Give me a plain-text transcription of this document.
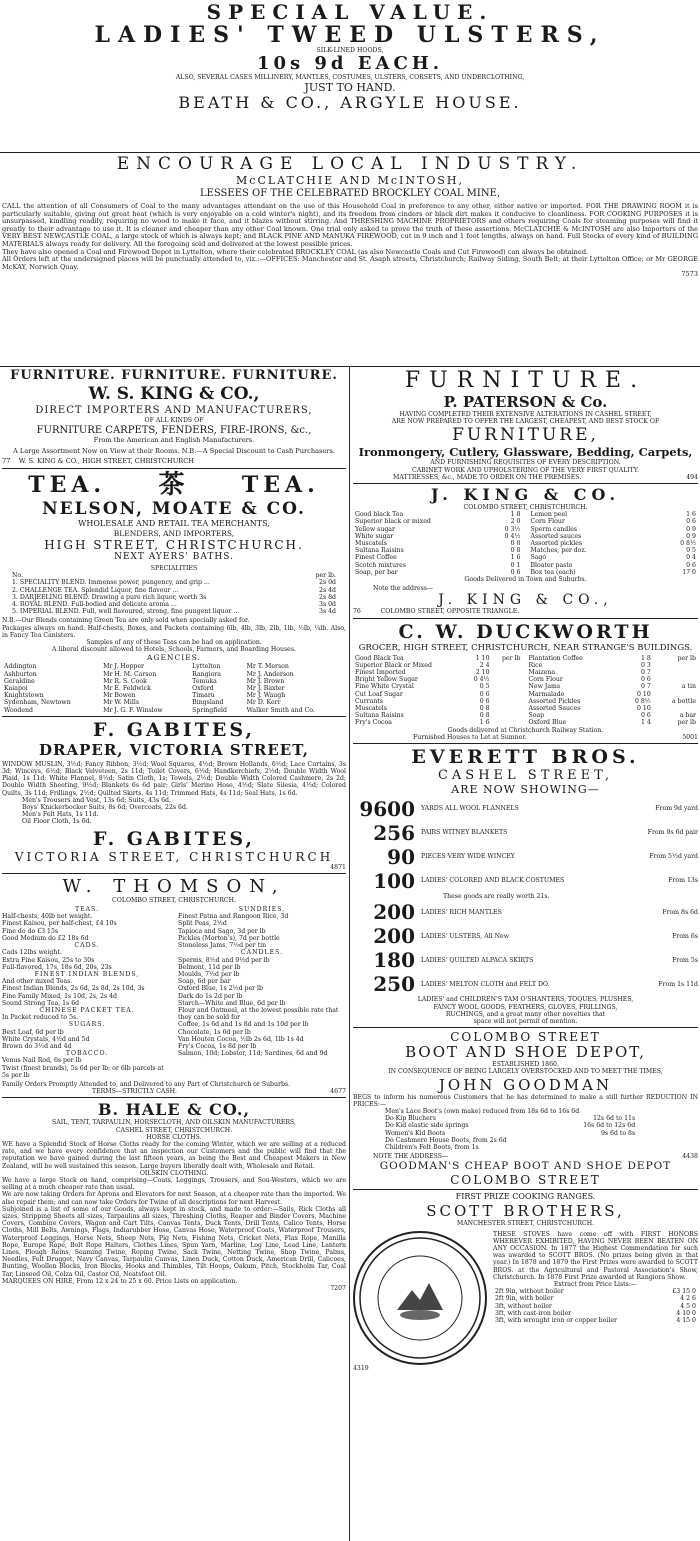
SPECIAL VALUE.
LADIES' TWEED ULSTERS,
SILK-LINED HOODS,
10s 9d EACH.
ALSO, SEVERAL CASES MILLINERY, MANTLES, COSTUMES, ULSTERS, CORSETS, AND UNDERCLOTHING,
JUST TO HAND.
BEATH & CO., ARGYLE HOUSE.
ENCOURAGE LOCAL INDUSTRY.
McCLATCHIE AND McINTOSH,
LESSEES OF THE CELEBRATED BROCKLEY COAL MINE,
CALL the attention of all Consumers of Coal to the many advantages attendant on the use of this Household Coal in preference to any other, either native or imported. FOR THE DRAWING ROOM it is particularly suitable, giving out great heat (which is very enjoyable on a cold winter's night), and its freedom from cinders or black dirt makes it conducive to cleanliness. FOR COOKING PURPOSES it is unsurpassed, kindling readily, requiring no wood to make it face, and it blazes without stirring. And THRESHING MACHINE PROPRIETORS and others requiring Coals for steaming purposes will find it greatly to their advantage to use it. It is cleaner and cheaper than any other Coal known. One trial only asked to prove the truth of these assertions. McCLATCHIE & McINTOSH are also Importers of the VERY BEST NEWCASTLE COAL, a large stock of which is always kept; and BLACK PINE AND MANUKA FIREWOOD, cut in 9 inch and 1 foot lengths, always on hand. Full Stocks of every kind of BUILDING MATERIALS always ready for delivery. All the foregoing sold and delivered at the lowest possible prices.
They have also opened a Coal and Firewood Depot in Lyttelton, where their celebrated BROCKLEY COAL (as also Newcastle Coals and Cut Firewood) can always be obtained.
All Orders left at the undersigned places will be punctually attended to, viz.:—OFFICES: Manchester and St. Asaph streets, Christchurch; Railway Siding, South Belt; at their Lyttelton Office; or Mr GEORGE McKAY, Norwich Quay.
7573
FURNITURE. FURNITURE. FURNITURE.
W. S. KING & CO.,
DIRECT IMPORTERS AND MANUFACTURERS,
OF ALL KINDS OF
FURNITURE CARPETS, FENDERS, FIRE-IRONS, &c.,
From the American and English Manufacturers.
A Large Assortment Now on View at their Rooms. N.B.—A Special Discount to Cash Purchasers.
77 W. S. KING & CO., HIGH STREET, CHRISTCHURCH
TEA. 茶 TEA.
NELSON, MOATE & CO.
WHOLESALE AND RETAIL TEA MERCHANTS,
BLENDERS, AND IMPORTERS,
HIGH STREET, CHRISTCHURCH.
NEXT AYERS' BATHS.
SPECIALITIES
No.	per lb.
1. SPECIALITY BLEND. Immense power, pungency, and grip ...	2s 0d
2. CHALLENGE TEA. Splendid Liquor, fine flavour ...	2s 4d
3. DARJEELING BLEND. Drawing a pure rich liquor, worth 3s	2s 8d
4. ROYAL BLEND. Full-bodied and delicate aroma ...	3s 0d
5. IMPERIAL BLEND. Full, well flavoured, strong, fine pungent liquor ...	3s 4d
N.B.—Our Blends containing Green Tea are only sold when specially asked for.
Packages always on hand. Half-chests, Boxes, and Packets containing 6lb, 4lb, 3lb, 2lb, 1lb, ½lb, ¼lb. Also, in Fancy Tea Canisters.
Samples of any of these Teas can be had on application.
A liberal discount allowed to Hotels, Schools, Farmers, and Boarding Houses.
AGENCIES.
Addington	Mr J. Hopper	Lyttelton	Mr T. Merson
Ashburton	Mr H. M. Carson	Rangiora	Mr J. Anderson
Geraldine	Mr R. S. Cook	Temuka	Mr J. Brown
Kaiapoi	Mr E. Feldwick	Oxford	Mr J. Baxter
Knightstown	Mr Bowen	Timaru	Mr J. Waugh
Sydenham, Newtown	Mr W. Mills	Bingsland	Mr D. Kerr
Woodend	Mr J. G. F. Winslow	Springfield	Walker Smith and Co.
F. GABITES,
DRAPER, VICTORIA STREET,
WINDOW MUSLIN, 3½d; Fancy Ribbon, 3½d; Wool Squares, 4½d; Brown Hollands, 6½d; Lace Curtains, 3s 3d; Winceys, 6½d; Black Velveteen, 2s 11d; Toilet Covers, 6½d; Handkerchiefs, 2½d; Double Width Wool Plaid, 1s 11d; White Flannel, 8½d; Satin Cloth, 1s; Towels, 2½d; Double Width Colored Cashmere, 2s 2d; Double Width Sheeting, 9½d; Blankets 6s 6d pair; Girls' Merino Hose, 4½d; Slate Silesia, 4½d; Colored Quilts, 3s 11d; Frillings, 2½d; Quilted Skirts, 4s 11d; Trimmed Hats, 4s 11d; Seal Hats, 1s 6d.
Men's Trousers and Vest, 13s 6d; Suits, 43s 6d.
Boys' Knickerbocker Suits, 8s 6d; Overcoats, 22s 6d.
Men's Felt Hats, 1s 11d.
Oil Floor Cloth, 1s 6d.
F. GABITES,
VICTORIA STREET, CHRISTCHURCH
4871
W. THOMSON,
COLOMBO STREET, CHRISTCHURCH.
TEAS.
Half-chests, 40lb net weight.
Finest Kaisou, per half-chest, £4 10s
Fine do do £3 15s
Good Medium do £2 18s 6d
CADS.
Cads 12lbs weight.
Extra Fine Kaisou, 25s to 30s
Full-flavored, 17s, 18s 6d, 20s, 23s
FINEST INDIAN BLENDS,
And other mixed Teas.
Finest Indian Blends, 2s 6d, 2s 8d, 2s 10d, 3s
Fine Family Mixed, 1s 10d, 2s, 2s 4d
Sound Strong Tea, 1s 6d
CHINESE PACKET TEA.
In Packet reduced to 5s.
SUGARS.
Best Loaf, 6d per lb
White Crystals, 4½d and 5d
Brown do 3½d and 4d
TOBACCO.
Venus Nail Rod, 6s per lb
Twist (finest brands), 5s 6d per lb; or 6lb parcels at 5s per lb
SUNDRIES.
Finest Patna and Rangoon Rice, 3d
Split Peas, 2½d
Tapioca and Sago, 3d per lb
Pickles (Morton's), 7d per bottle
Stoneless Jams, 7½d per tin
CANDLES.
Sperms, 8½d and 9½d per lb
Belmont, 11d per lb
Moulds, 7½d per lb
Soap, 6d per bar
Oxford Blue, 1s 2½d per lb
Dark do 1s 2d per lb
Starch—White and Blue, 6d per lb
Flour and Oatmeal, at the lowest possible rate that they can be sold for
Coffee, 1s 6d and 1s 8d and 1s 10d per lb
Chocolate, 1s 6d per lb
Van Houten Cocoa, ½lb 2s 6d, 1lb 1s 4d
Fry's Cocoa, 1s 8d per lb
Salmon, 10d; Lobster, 11d; Sardines, 6d and 9d
Family Orders Promptly Attended to, and Delivered to any Part of Christchurch or Suburbs.
TERMS—STRICTLY CASH.	4677
B. HALE & CO.,
SAIL, TENT, TARPAULIN, HORSECLOTH, AND OILSKIN MANUFACTURERS,
CASHEL STREET, CHRISTCHURCH.
HORSE CLOTHS.
WE have a Splendid Stock of Horse Cloths ready for the coming Winter, which we are selling at a reduced rate, and we have every confidence that an inspection our Customers and the public will find that the reputation we have gained during the last fifteen years, as being the Best and Cheapest Makers in New Zealand, will be well sustained this season. Large buyers liberally dealt with, Wholesale and Retail.
OILSKIN CLOTHING.
We have a large Stock on hand, comprising—Coats, Leggings, Trousers, and Sou-Westers, which we are selling at a much cheaper rate than usual.
We are now taking Orders for Aprons and Elevators for next Season, at a cheaper rate than the imported. We also repair them; and can now take Orders for Twine of all descriptions for next Harvest.
Subjoined is a list of some of our Goods, always kept in stock, and made to order:—Sails, Rick Cloths all sizes, Stripping Sheets all sizes, Tarpaulins all sizes, Threshing Cloths, Reaper and Binder Covers, Machine Covers, Combine Covers, Wagon and Cart Tilts, Canvas Tents, Duck Tents, Drill Tents, Calico Tents, Horse Cloths, Mill Belts, Awnings, Flags, Indiarubber Hose, Canvas Hose, Waterproof Coats, Waterproof Trousers, Waterproof Leggings, Horse Nets, Sheep Nets, Pig Nets, Fishing Nets, Cricket Nets, Flax Rope, Manilla Rope, Europe Rope, Bolt Rope Halters, Clothes Lines, Spun Yarn, Marline, Log Line, Lead Line, Lantern Lines, Plough Reins, Seaming Twine, Roping Twine, Sack Twine, Netting Twine, Shop Twine, Palms, Needles, Felt Drugget, Navy Canvas, Tarpaulin Canvas, Linen Duck, Cotton Duck, American Drill, Calicoes, Bunting, Woollen Blocks, Iron Blocks, Hooks and Thimbles, Tilt Hoops, Oakum, Pitch, Stockholm Tar, Coal Tar, Linseed Oil, Colza Oil, Castor Oil, Neatsfoot Oil.
MARQUEES ON HIRE, From 12 x 24 to 25 x 60. Price Lists on application.
7207
FURNITURE.
P. PATERSON & Co.
HAVING COMPLETED THEIR EXTENSIVE ALTERATIONS IN CASHEL STREET,
ARE NOW PREPARED TO OFFER THE LARGEST, CHEAPEST, AND BEST STOCK OF
FURNITURE,
Ironmongery, Cutlery, Glassware, Bedding, Carpets,
AND FURNISHING REQUISITES OF EVERY DESCRIPTION.
CABINET WORK AND UPHOLSTERING OF THE VERY FIRST QUALITY.
MATTRESSES, &c., MADE TO ORDER ON THE PREMISES.	494
J. KING & CO.
COLOMBO STREET, CHRISTCHURCH.
Good black Tea	1 8
Superior black or mixed	2 0
Yellow sugar	0 3½
White sugar	0 4½
Muscatels	0 8
Sultana Raisins	0 8
Finest Coffee	1 6
Scotch mixtures	0 1
Soap, per bar	0 6
Lemon peel	1 6
Corn Flour	0 6
Sperm candles	0 9
Assorted sauces	0 9
Assorted pickles	0 8½
Matches, per doz.	0 5
Sago	0 4
Bloater paste	0 6
Box tea (each)	17 0
Goods Delivered in Town and Suburbs.
Note the address—
J. KING & CO.,
76	COLOMBO STREET, OPPOSITE TRIANGLE.
C. W. DUCKWORTH
GROCER, HIGH STREET, CHRISTCHURCH, NEAR STRANGE'S BUILDINGS.
Good Black Tea	1 10	per lb
Superior Black or Mixed	2 4	
Finest Imported	2 10	
Bright Yellow Sugar	0 4½	
Fine White Crystal	0 5	
Cut Loaf Sugar	0 6	
Currants	0 6	
Muscatels	0 8	
Sultana Raisins	0 8	
Fry's Cocoa	1 6	
Plantation Coffee	1 8	per lb
Rice	0 3	
Maizena	0 7	
Corn Flour	0 6	
New Jams	0 7	a tin
Marmalade	0 10	
Assorted Pickles	0 8½	a bottle
Assorted Sauces	0 10	
Soap	0 6	a bar
Oxford Blue	1 4	per lb
Goods delivered at Christchurch Railway Station.
Furnished Houses to Let at Sumner.	5001
EVERETT BROS.
CASHEL STREET,
ARE NOW SHOWING—
9600 YARDS ALL WOOL FLANNELS	From 9d yard
256 PAIRS WITNEY BLANKETS	From 9s 6d pair
90 PIECES VERY WIDE WINCEY	From 5½d yard
100 LADIES' COLORED AND BLACK COSTUMES	From 13s
These goods are really worth 21s.
200 LADIES' RICH MANTLES	From 8s 6d
200 LADIES' ULSTERS, All New	From 6s
180 LADIES' QUILTED ALPACA SKIRTS	From 5s
250 LADIES' MELTON CLOTH and FELT DO.	From 1s 11d
LADIES' and CHILDREN'S TAM O'SHANTERS, TOQUES, PLUSHES,
FANCY WOOL GOODS, FEATHERS, GLOVES, FRILLINGS,
RUCHINGS, and a great many other novelties that
space will not permit of mention.
COLOMBO STREET
BOOT AND SHOE DEPOT,
ESTABLISHED 1860.
IN CONSEQUENCE OF BEING LARGELY OVERSTOCKED AND TO MEET THE TIMES,
JOHN GOODMAN
BEGS to inform his numerous Customers that he has determined to make a still further REDUCTION IN PRICES:—
Men's Lace Boot's (own make) reduced from 18s 6d to 16s 6d	
Do Kip Bluchers	12s 6d to 11s
Do Kid elastic side springs	16s 6d to 12s 6d
Women's Kid Boots	9s 6d to 8s
Do Cashmere House Boots, from 2s 6d	
Children's Felt Boots, from 1s	
NOTE THE ADDRESS—	4438
GOODMAN'S CHEAP BOOT AND SHOE DEPOT
COLOMBO STREET
FIRST PRIZE COOKING RANGES.
SCOTT BROTHERS,
MANCHESTER STREET, CHRISTCHURCH.
THESE STOVES have come off with FIRST HONORS WHEREVER EXHIBITED, HAVING NEVER BEEN BEATEN ON ANY OCCASION. In 1877 the Highest Commendation for such was awarded to SCOTT BROS. (No prizes being given in that year.) In 1878 and 1879 the First Prizes were awarded to SCOTT BROS. at the Agricultural and Pastoral Association's Show, Christchurch. In 1878 First Prize awarded at Rangiora Show.
Extract from Price Lists:—
2ft 9in, without boiler	£3 15 0
2ft 9in, with boiler	4 2 6
3ft, without boiler	4 5 0
3ft, with cast-iron boiler	4 10 0
3ft, with wrought iron or copper boiler	4 15 0
4319
